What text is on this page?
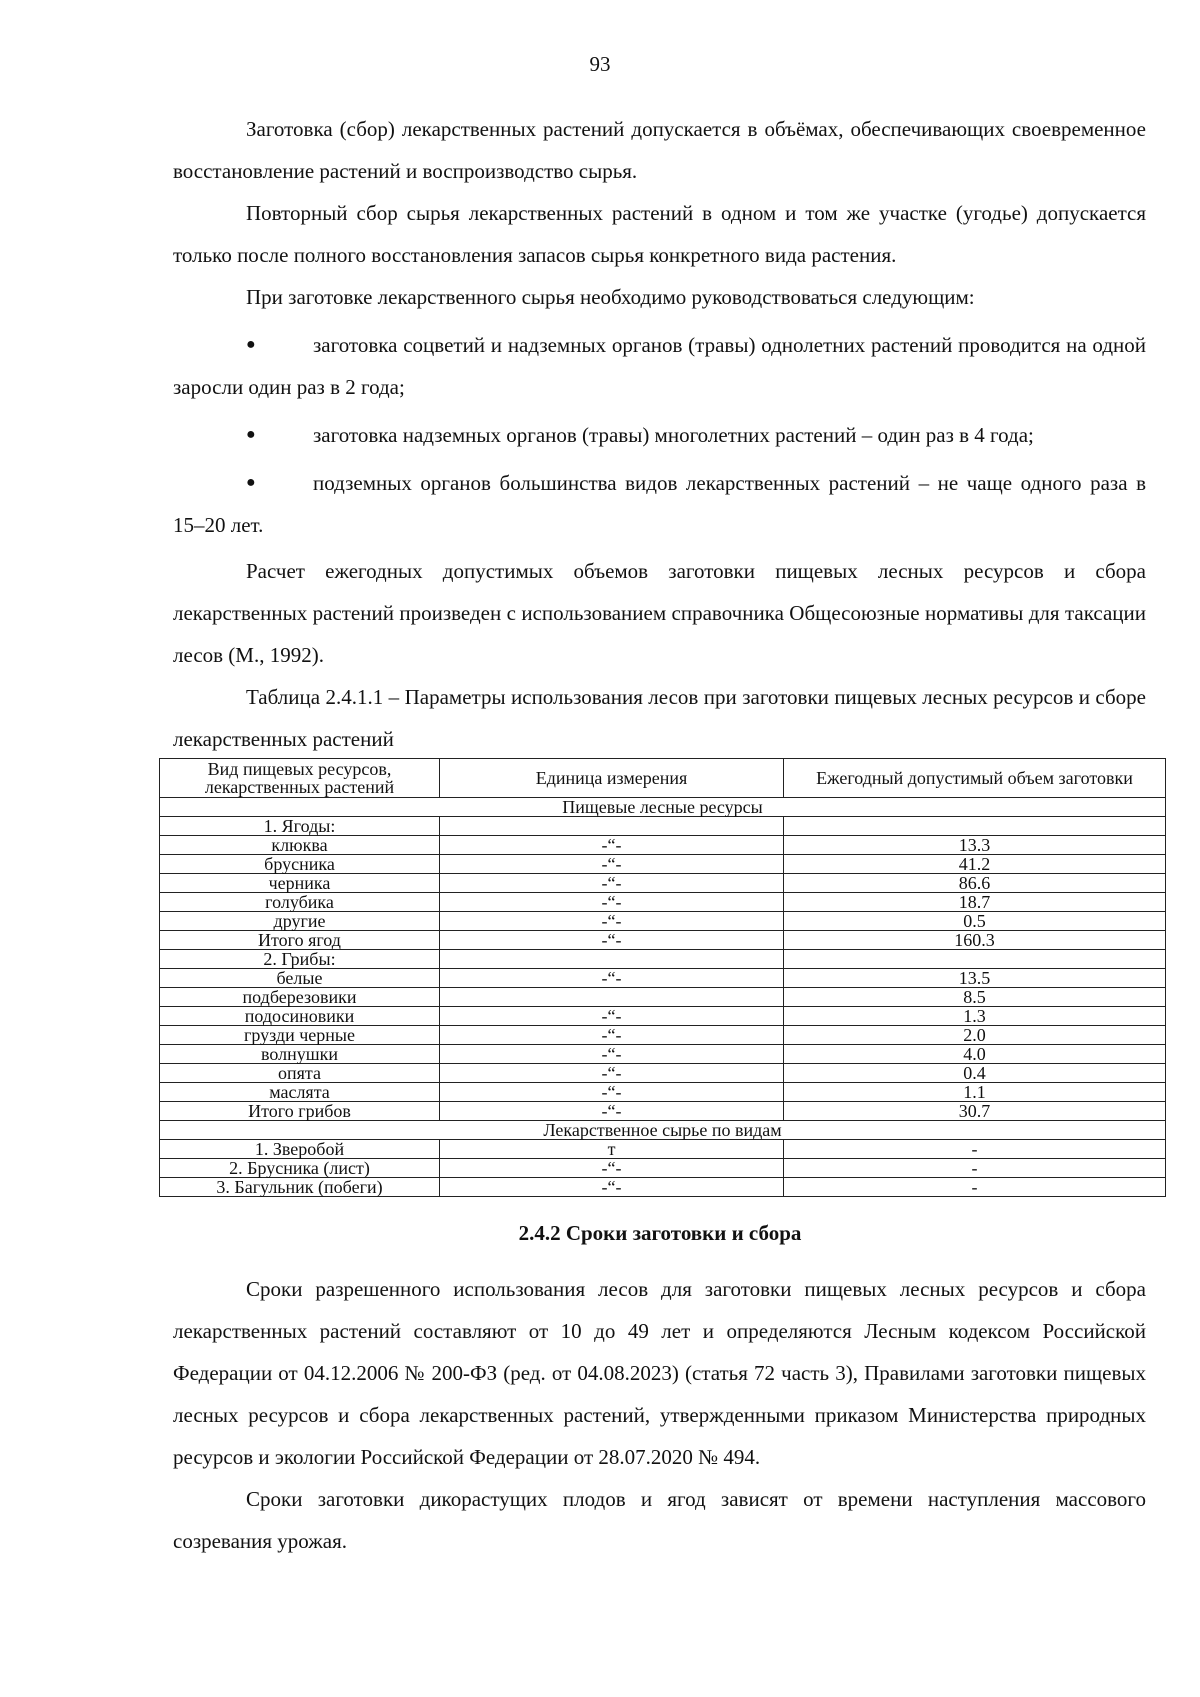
93

Заготовка (сбор) лекарственных растений допускается в объёмах, обеспечивающих своевременное восстановление растений и воспроизводство сырья.

Повторный сбор сырья лекарственных растений в одном и том же участке (угодье) допускается только после полного восстановления запасов сырья конкретного вида растения.

При заготовке лекарственного сырья необходимо руководствоваться следующим:

●	заготовка соцветий и надземных органов (травы) однолетних растений проводится на одной заросли один раз в 2 года;

●	заготовка надземных органов (травы) многолетних растений – один раз в 4 года;

●	подземных органов большинства видов лекарственных растений – не чаще одного раза в 15–20 лет.

Расчет ежегодных допустимых объемов заготовки пищевых лесных ресурсов и сбора лекарственных растений произведен с использованием справочника Общесоюзные нормативы для таксации лесов (М., 1992).

Таблица 2.4.1.1 – Параметры использования лесов при заготовки пищевых лесных ресурсов и сборе лекарственных растений

Вид пищевых ресурсов, лекарственных растений	Единица измерения	Ежегодный допустимый объем заготовки
Пищевые лесные ресурсы		
1. Ягоды:		
клюква	-“-	13.3
брусника	-“-	41.2
черника	-“-	86.6
голубика	-“-	18.7
другие	-“-	0.5
Итого ягод	-“-	160.3
2. Грибы:		
белые	-“-	13.5
подберезовики		8.5
подосиновики	-“-	1.3
грузди черные	-“-	2.0
волнушки	-“-	4.0
опята	-“-	0.4
маслята	-“-	1.1
Итого грибов	-“-	30.7
Лекарственное сырье по видам		
1. Зверобой	т	-
2. Брусника (лист)	-“-	-
3. Багульник (побеги)	-“-	-
2.4.2 Сроки заготовки и сбора

Сроки разрешенного использования лесов для заготовки пищевых лесных ресурсов и сбора лекарственных растений составляют от 10 до 49 лет и определяются Лесным кодексом Российской Федерации от 04.12.2006 № 200-ФЗ (ред. от 04.08.2023) (статья 72 часть 3), Правилами заготовки пищевых лесных ресурсов и сбора лекарственных растений, утвержденными приказом Министерства природных ресурсов и экологии Российской Федерации от 28.07.2020 № 494.

Сроки заготовки дикорастущих плодов и ягод зависят от времени наступления массового созревания урожая.
